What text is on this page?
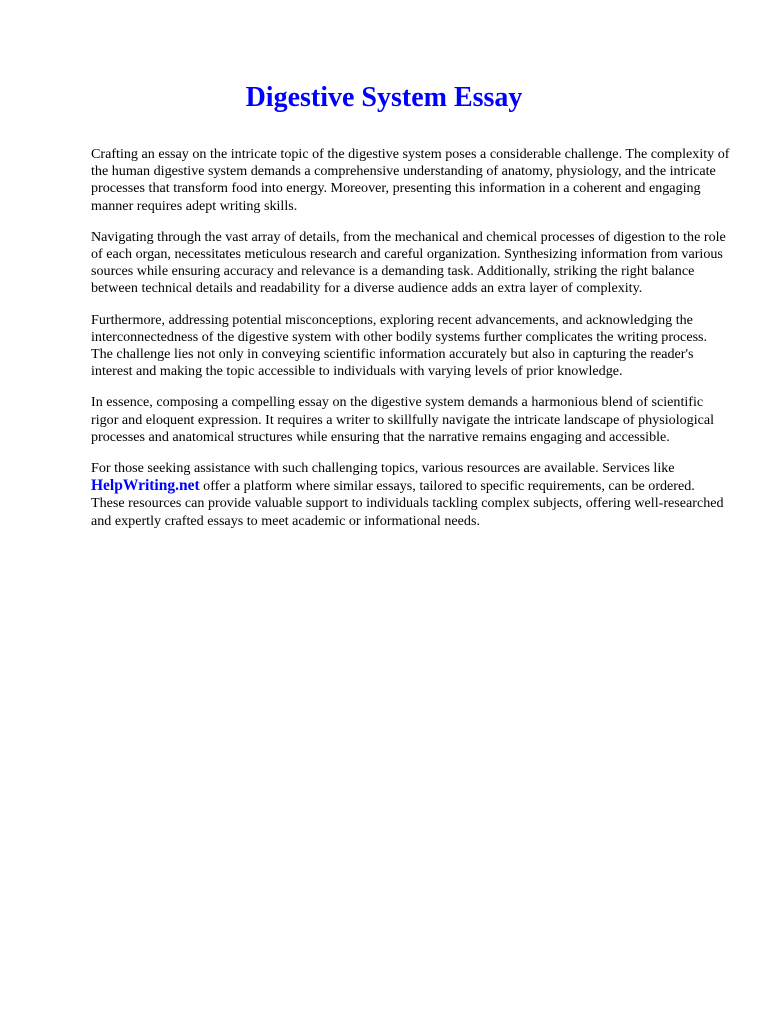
Digestive System Essay

Crafting an essay on the intricate topic of the digestive system poses a considerable challenge. The complexity of the human digestive system demands a comprehensive understanding of anatomy, physiology, and the intricate processes that transform food into energy. Moreover, presenting this information in a coherent and engaging manner requires adept writing skills.

Navigating through the vast array of details, from the mechanical and chemical processes of digestion to the role of each organ, necessitates meticulous research and careful organization. Synthesizing information from various sources while ensuring accuracy and relevance is a demanding task. Additionally, striking the right balance between technical details and readability for a diverse audience adds an extra layer of complexity.

Furthermore, addressing potential misconceptions, exploring recent advancements, and acknowledging the interconnectedness of the digestive system with other bodily systems further complicates the writing process. The challenge lies not only in conveying scientific information accurately but also in capturing the reader's interest and making the topic accessible to individuals with varying levels of prior knowledge.

In essence, composing a compelling essay on the digestive system demands a harmonious blend of scientific rigor and eloquent expression. It requires a writer to skillfully navigate the intricate landscape of physiological processes and anatomical structures while ensuring that the narrative remains engaging and accessible.

For those seeking assistance with such challenging topics, various resources are available. Services like HelpWriting.net offer a platform where similar essays, tailored to specific requirements, can be ordered. These resources can provide valuable support to individuals tackling complex subjects, offering well-researched and expertly crafted essays to meet academic or informational needs.
